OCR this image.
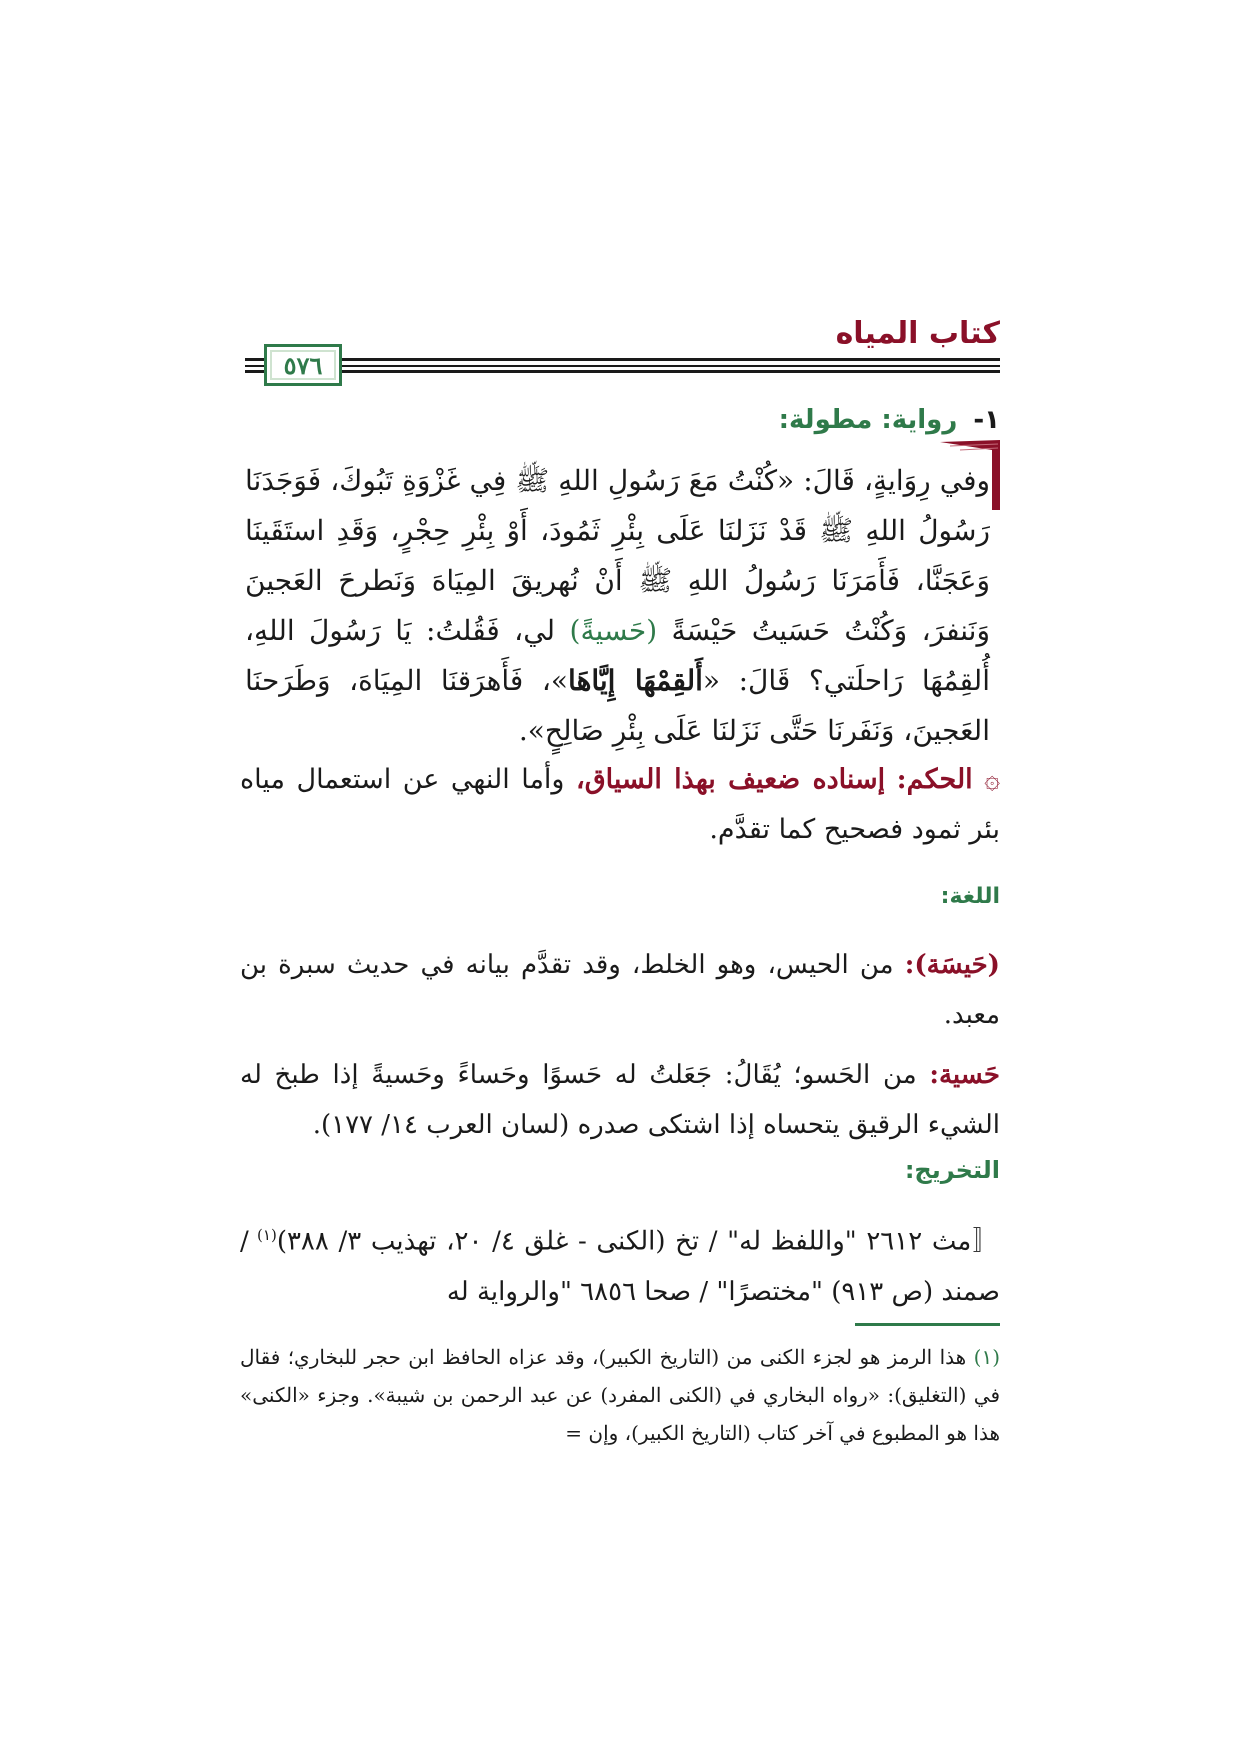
كتاب المياه
٥٧٦
١-رواية: مطولة:

وفي رِوَايةٍ، قَالَ: «كُنْتُ مَعَ رَسُولِ اللهِ ﷺ فِي غَزْوَةِ تَبُوكَ، فَوَجَدَنَا رَسُولُ اللهِ ﷺ قَدْ نَزَلنَا عَلَى بِئْرِ ثَمُودَ، أَوْ بِئْرِ حِجْرٍ، وَقَدِ استَقَينَا وَعَجَنَّا، فَأَمَرَنَا رَسُولُ اللهِ ﷺ أَنْ نُهريقَ المِيَاهَ وَنَطرحَ العَجينَ وَنَنفرَ، وَكُنْتُ حَسَيتُ حَيْسَةً (حَسيةً) لي، فَقُلتُ: يَا رَسُولَ اللهِ، أُلقِمُهَا رَاحلَتي؟ قَالَ: «أَلقِمْهَا إِيَّاهَا»، فَأَهرَقنَا المِيَاهَ، وَطَرَحنَا العَجينَ، وَنَفَرنَا حَتَّى نَزَلنَا عَلَى بِئْرِ صَالِحٍ».

۞ الحكم: إسناده ضعيف بهذا السياق، وأما النهي عن استعمال مياه بئر ثمود فصحيح كما تقدَّم.
اللغة:
(حَيسَة): من الحيس، وهو الخلط، وقد تقدَّم بيانه في حديث سبرة بن معبد.
حَسية: من الحَسو؛ يُقَالُ: جَعَلتُ له حَسوًا وحَساءً وحَسيةً إذا طبخ له الشيء الرقيق يتحساه إذا اشتكى صدره (لسان العرب ١٤/ ١٧٧).
التخريج:
〚مث ٢٦١٢ "واللفظ له" / تخ (الكنى - غلق ٤/ ٢٠، تهذيب ٣/ ٣٨٨)$^{(١)}$ / صمند (ص ٩١٣) "مختصرًا" / صحا ٦٨٥٦ "والرواية له
(١) هذا الرمز هو لجزء الكنى من (التاريخ الكبير)، وقد عزاه الحافظ ابن حجر للبخاري؛ فقال في (التغليق): «رواه البخاري في (الكنى المفرد) عن عبد الرحمن بن شيبة». وجزء «الكنى» هذا هو المطبوع في آخر كتاب (التاريخ الكبير)، وإن =
